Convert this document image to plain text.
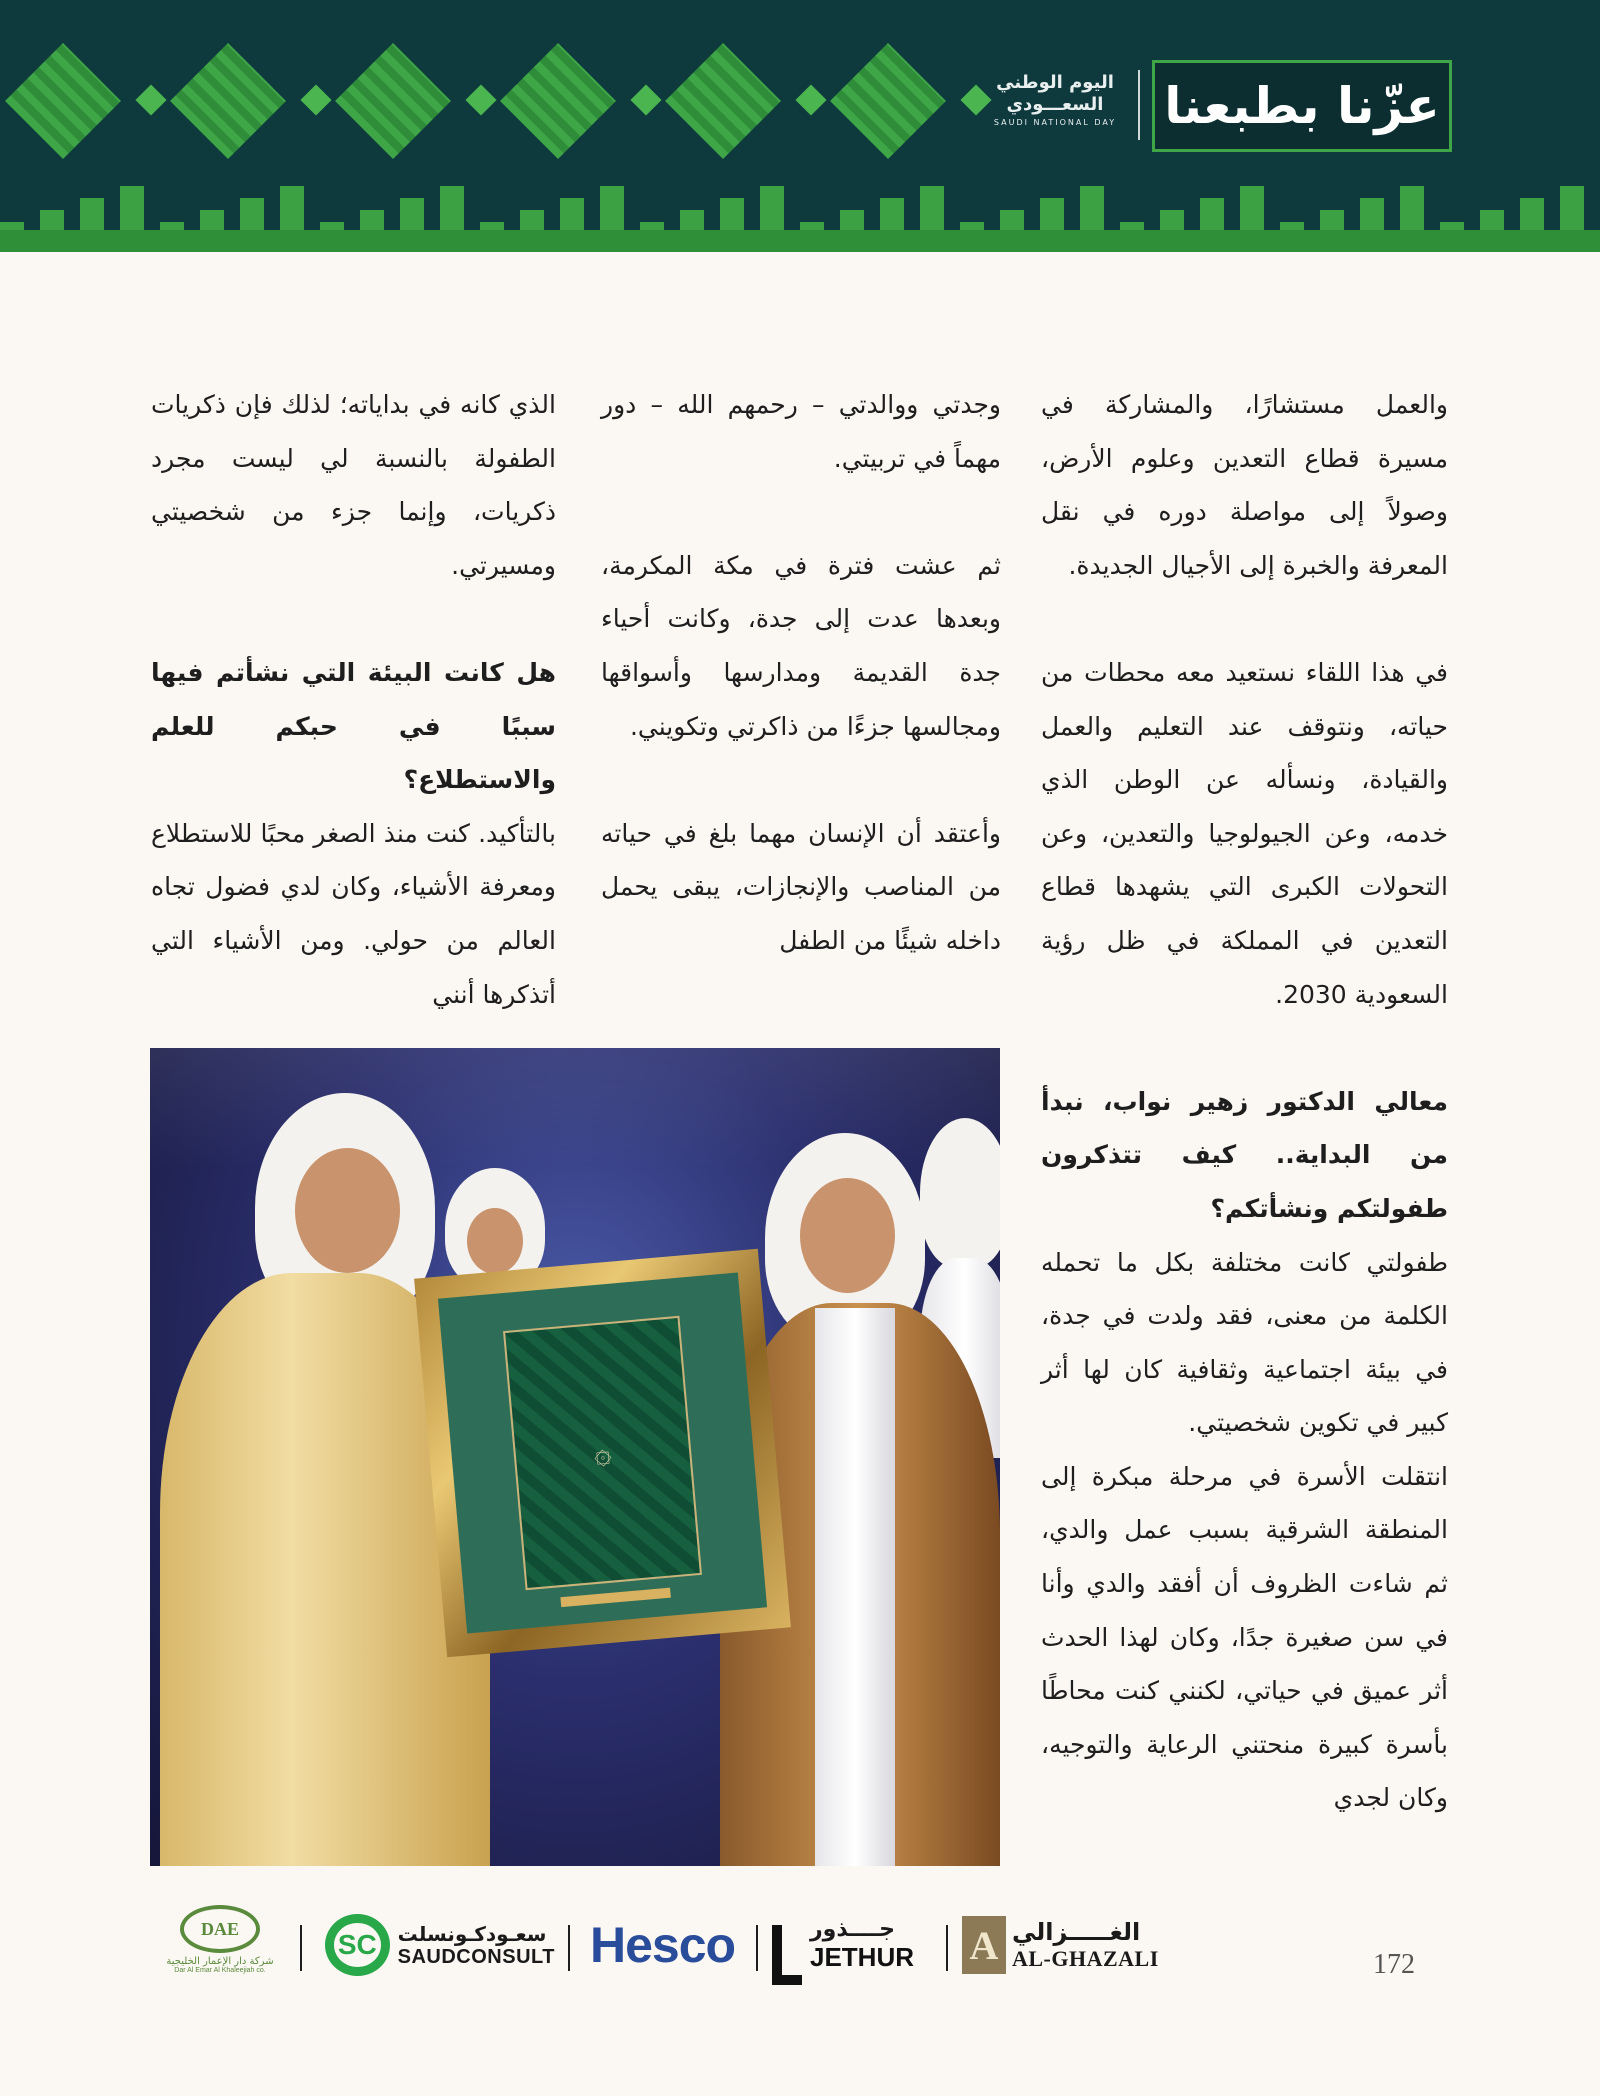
عزّنا بطبعنا
اليوم الوطني
السعـــودي
SAUDI NATIONAL DAY

والعمل مستشارًا، والمشاركة في مسيرة قطاع التعدين وعلوم الأرض، وصولاً إلى مواصلة دوره في نقل المعرفة والخبرة إلى الأجيال الجديدة.

في هذا اللقاء نستعيد معه محطات من حياته، ونتوقف عند التعليم والعمل والقيادة، ونسأله عن الوطن الذي خدمه، وعن الجيولوجيا والتعدين، وعن التحولات الكبرى التي يشهدها قطاع التعدين في المملكة في ظل رؤية السعودية 2030.

معالي الدكتور زهير نواب، نبدأ من البداية.. كيف تتذكرون طفولتكم ونشأتكم؟

طفولتي كانت مختلفة بكل ما تحمله الكلمة من معنى، فقد ولدت في جدة، في بيئة اجتماعية وثقافية كان لها أثر كبير في تكوين شخصيتي.

انتقلت الأسرة في مرحلة مبكرة إلى المنطقة الشرقية بسبب عمل والدي، ثم شاءت الظروف أن أفقد والدي وأنا في سن صغيرة جدًا، وكان لهذا الحدث أثر عميق في حياتي، لكنني كنت محاطًا بأسرة كبيرة منحتني الرعاية والتوجيه، وكان لجدي

وجدتي ووالدتي – رحمهم الله – دور مهماً في تربيتي.

ثم عشت فترة في مكة المكرمة، وبعدها عدت إلى جدة، وكانت أحياء جدة القديمة ومدارسها وأسواقها ومجالسها جزءًا من ذاكرتي وتكويني.

وأعتقد أن الإنسان مهما بلغ في حياته من المناصب والإنجازات، يبقى يحمل داخله شيئًا من الطفل

الذي كانه في بداياته؛ لذلك فإن ذكريات الطفولة بالنسبة لي ليست مجرد ذكريات، وإنما جزء من شخصيتي ومسيرتي.

هل كانت البيئة التي نشأتم فيها سببًا في حبكم للعلم والاستطلاع؟

بالتأكيد. كنت منذ الصغر محبًا للاستطلاع ومعرفة الأشياء، وكان لدي فضول تجاه العالم من حولي. ومن الأشياء التي أتذكرها أنني

۞
172
A الغـــــزالي
AL-GHAZALI
جــــذور
JETHUR
Hesco
SC	سعـودكـونسلت
SAUDCONSULT
DAE
شركة دار الإعمار الخليجية
Dar Al Emar Al Khaleejiah co.
